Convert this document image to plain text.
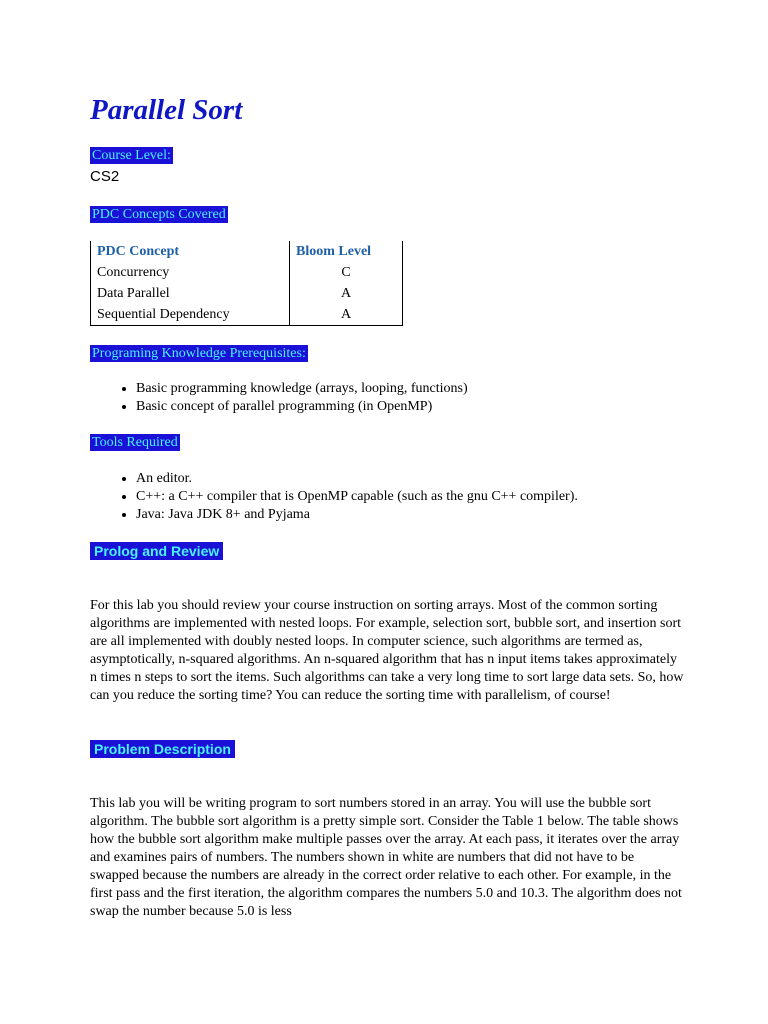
Parallel Sort
Course Level:
CS2
PDC Concepts Covered
PDC Concept	Bloom Level
Concurrency	C
Data Parallel	A
Sequential Dependency	A
Programing Knowledge Prerequisites:
• Basic programming knowledge (arrays, looping, functions)
• Basic concept of parallel programming (in OpenMP)
Tools Required
• An editor.
• C++: a C++ compiler that is OpenMP capable (such as the gnu C++ compiler).
• Java: Java JDK 8+ and Pyjama
Prolog and Review

For this lab you should review your course instruction on sorting arrays. Most of the common sorting algorithms are implemented with nested loops. For example, selection sort, bubble sort, and insertion sort are all implemented with doubly nested loops. In computer science, such algorithms are termed as, asymptotically, n-squared algorithms. An n-squared algorithm that has n input items takes approximately n times n steps to sort the items. Such algorithms can take a very long time to sort large data sets. So, how can you reduce the sorting time? You can reduce the sorting time with parallelism, of course!

Problem Description

This lab you will be writing program to sort numbers stored in an array. You will use the bubble sort algorithm. The bubble sort algorithm is a pretty simple sort. Consider the Table 1 below. The table shows how the bubble sort algorithm make multiple passes over the array. At each pass, it iterates over the array and examines pairs of numbers. The numbers shown in white are numbers that did not have to be swapped because the numbers are already in the correct order relative to each other. For example, in the first pass and the first iteration, the algorithm compares the numbers 5.0 and 10.3. The algorithm does not swap the number because 5.0 is less
